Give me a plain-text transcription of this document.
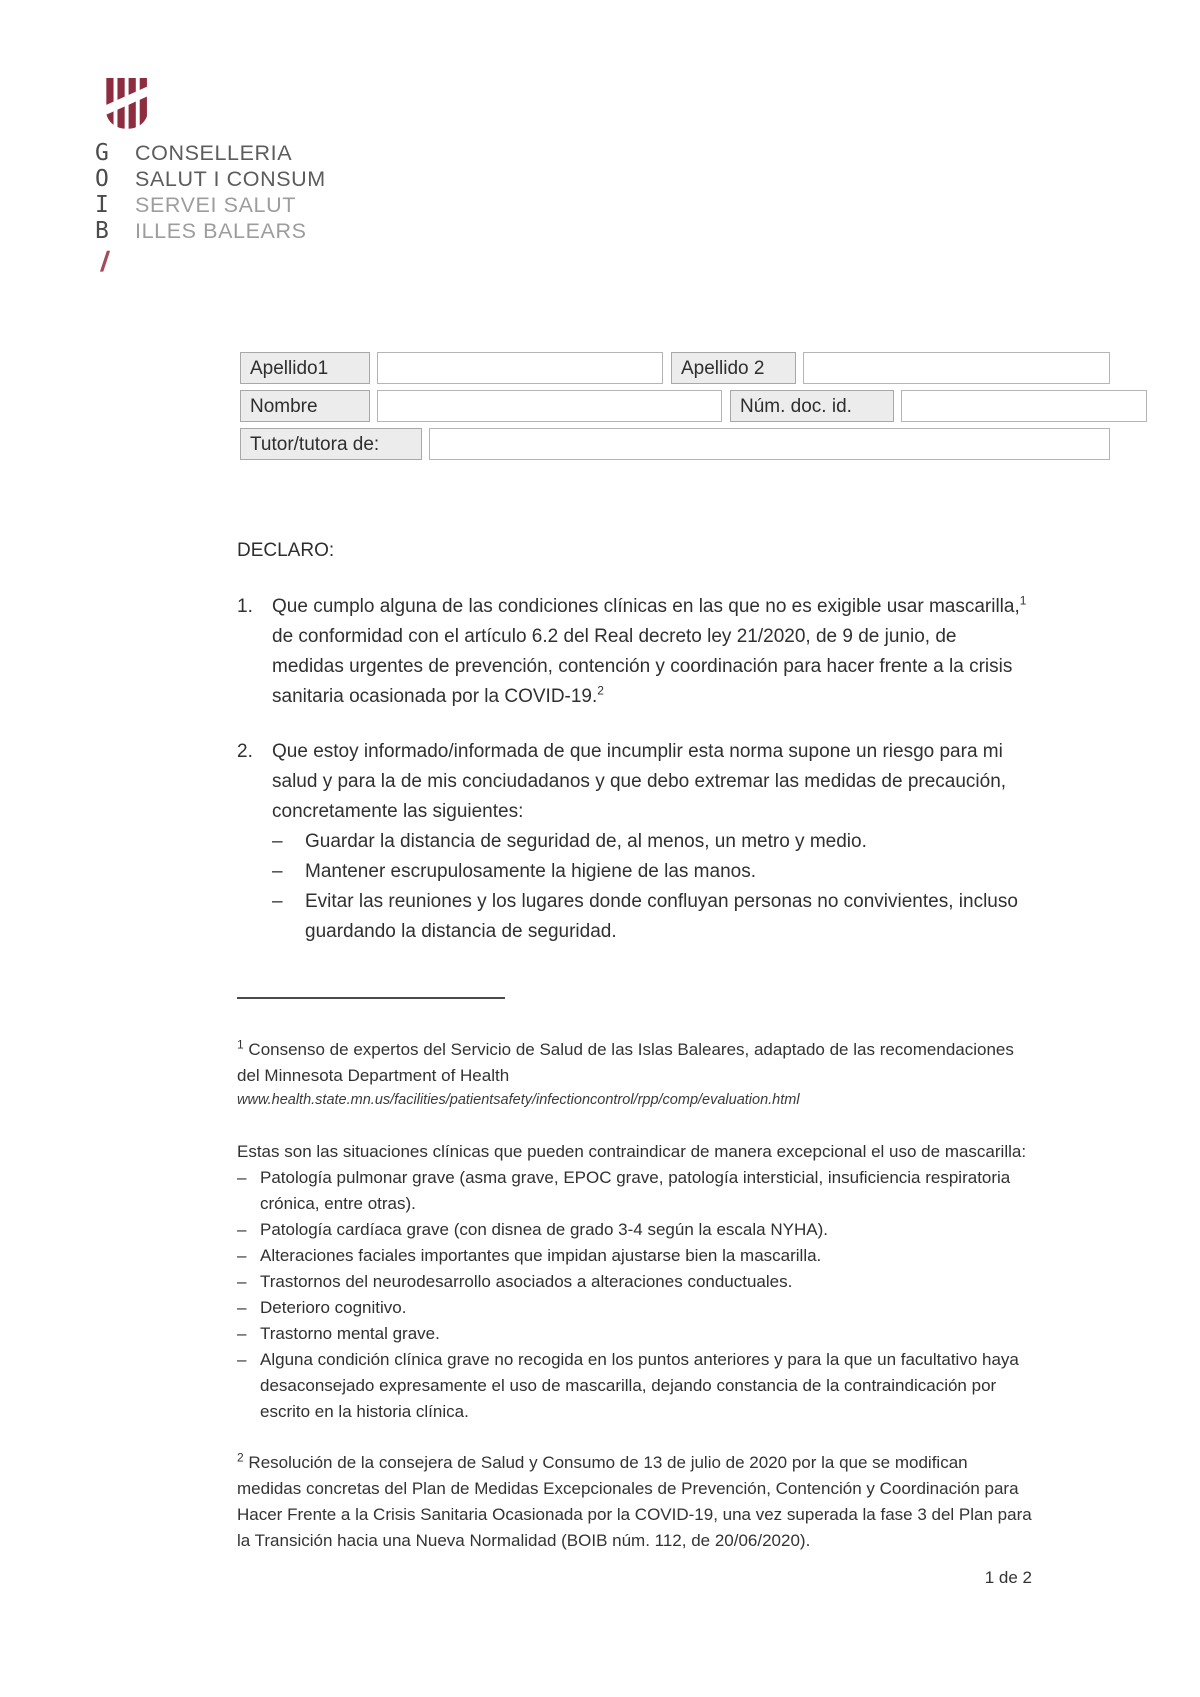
G	CONSELLERIA
O	SALUT I CONSUM
I	SERVEI SALUT
B	ILLES BALEARS
/
Apellido1	Apellido 2
Nombre	Núm. doc. id.
Tutor/tutora de:

DECLARO:

1.	Que cumplo alguna de las condiciones clínicas en las que no es exigible usar mascarilla,$^1$ de conformidad con el artículo 6.2 del Real decreto ley 21/2020, de 9 de junio, de medidas urgentes de prevención, contención y coordinación para hacer frente a la crisis sanitaria ocasionada por la COVID-19.$^2$
2.	Que estoy informado/informada de que incumplir esta norma supone un riesgo para mi salud y para la de mis conciudadanos y que debo extremar las medidas de precaución, concretamente las siguientes:
–	Guardar la distancia de seguridad de, al menos, un metro y medio.
–	Mantener escrupulosamente la higiene de las manos.
–	Evitar las reuniones y los lugares donde confluyan personas no convivientes, incluso guardando la distancia de seguridad.
$^1$ Consenso de expertos del Servicio de Salud de las Islas Baleares, adaptado de las recomendaciones del Minnesota Department of Health
www.health.state.mn.us/facilities/patientsafety/infectioncontrol/rpp/comp/evaluation.html
Estas son las situaciones clínicas que pueden contraindicar de manera excepcional el uso de mascarilla:
– Patología pulmonar grave (asma grave, EPOC grave, patología intersticial, insuficiencia respiratoria crónica, entre otras).
– Patología cardíaca grave (con disnea de grado 3-4 según la escala NYHA).
– Alteraciones faciales importantes que impidan ajustarse bien la mascarilla.
– Trastornos del neurodesarrollo asociados a alteraciones conductuales.
– Deterioro cognitivo.
– Trastorno mental grave.
– Alguna condición clínica grave no recogida en los puntos anteriores y para la que un facultativo haya desaconsejado expresamente el uso de mascarilla, dejando constancia de la contraindicación por escrito en la historia clínica.
$^2$ Resolución de la consejera de Salud y Consumo de 13 de julio de 2020 por la que se modifican medidas concretas del Plan de Medidas Excepcionales de Prevención, Contención y Coordinación para Hacer Frente a la Crisis Sanitaria Ocasionada por la COVID-19, una vez superada la fase 3 del Plan para la Transición hacia una Nueva Normalidad (BOIB núm. 112, de 20/06/2020).
1 de 2
